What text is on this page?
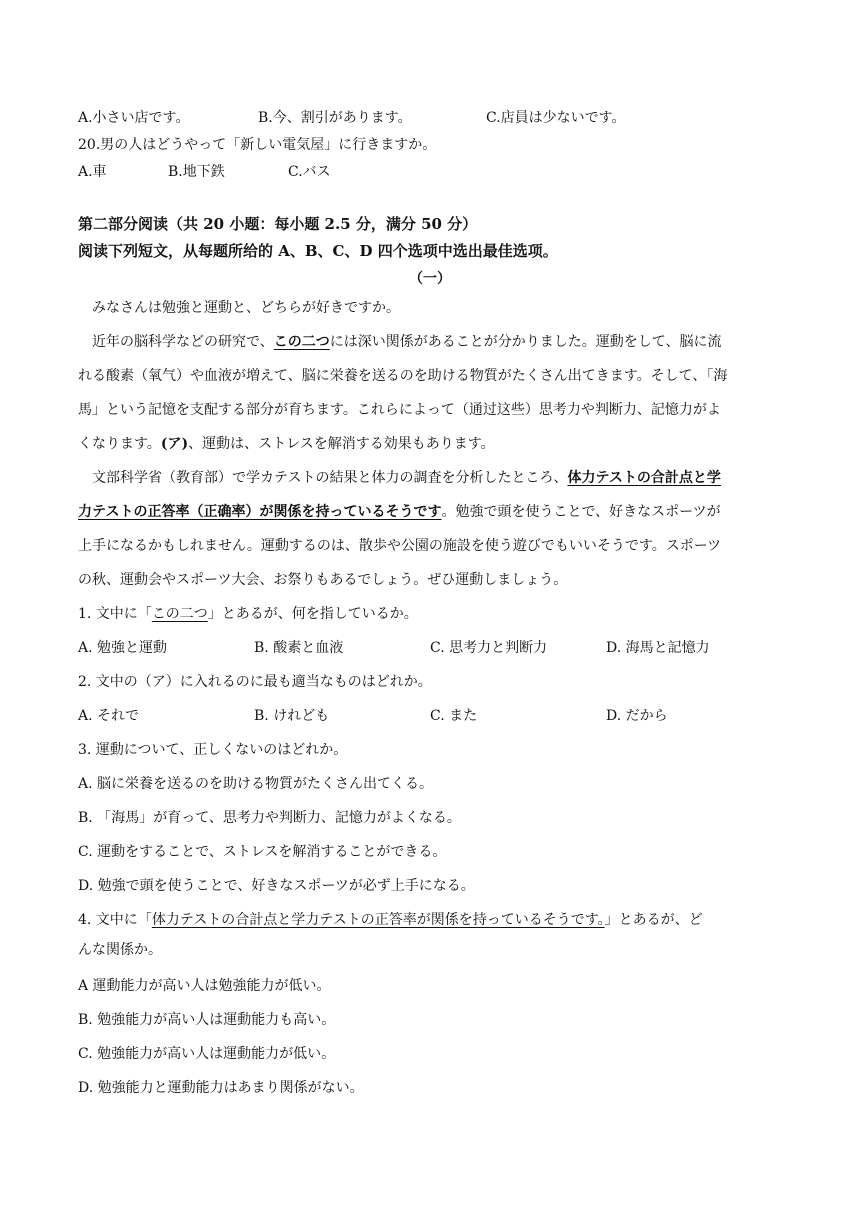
A.小さい店です。	B.今、割引があります。	C.店員は少ないです。
20.男の人はどうやって「新しい電気屋」に行きますか。
A.車	B.地下鉄	C.バス
第二部分阅读（共 20 小题：每小题 2.5 分，满分 50 分）
阅读下列短文，从每题所给的 A、B、C、D 四个选项中选出最佳选项。
（一）
みなさんは勉強と運動と、どちらが好きですか。
近年の脳科学などの研究で、この二つには深い関係があることが分かりました。運動をして、脳に流
れる酸素（氧气）や血液が増えて、脳に栄養を送るのを助ける物質がたくさん出てきます。そして、「海
馬」という記憶を支配する部分が育ちます。これらによって（通过这些）思考力や判断力、記憶力がよ
くなります。(ア)、運動は、ストレスを解消する効果もあります。
文部科学省（教育部）で学カテストの結果と体力の調査を分析したところ、体力テストの合計点と学
力テストの正答率（正确率）が関係を持っているそうです。勉強で頭を使うことで、好きなスポーツが
上手になるかもしれません。運動するのは、散歩や公園の施設を使う遊びでもいいそうです。スポーツ
の秋、運動会やスポーツ大会、お祭りもあるでしょう。ぜひ運動しましょう。
1. 文中に「この二つ」とあるが、何を指しているか。
A. 勉強と運動	B. 酸素と血液	C. 思考力と判断力	D. 海馬と記憶力
2. 文中の（ア）に入れるのに最も適当なものはどれか。
A. それで	B. けれども	C. また	D. だから
3. 運動について、正しくないのはどれか。
A. 脳に栄養を送るのを助ける物質がたくさん出てくる。
B. 「海馬」が育って、思考力や判断力、記憶力がよくなる。
C. 運動をすることで、ストレスを解消することができる。
D. 勉強で頭を使うことで、好きなスポーツが必ず上手になる。
4. 文中に「体力テストの合計点と学力テストの正答率が関係を持っているそうです。」とあるが、ど
んな関係か。
A 運動能力が高い人は勉強能力が低い。
B. 勉強能力が高い人は運動能力も高い。
C. 勉強能力が高い人は運動能力が低い。
D. 勉強能力と運動能力はあまり関係がない。
